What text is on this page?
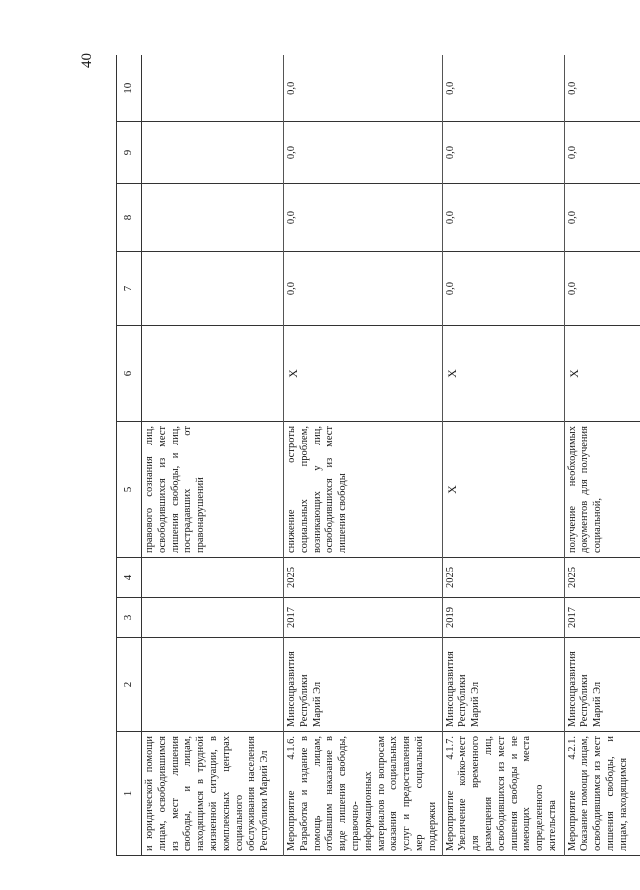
40
1	2	3	4	5	6	7	8	9	10
и юридической помощи лицам, освободившимся из мест лишения свободы, и лицам, находящимся в трудной жизненной ситуации, в комплексных центрах социального обслуживания населения Республики Марий Эл				правового сознания лиц, освободившихся из мест лишения свободы, и лиц, пострадавших от правонарушений					
Мероприятие 4.1.6. Разработка и издание в помощь лицам, отбывшим наказание в виде лишения свободы, справочно-информационных материалов по вопросам оказания социальных услуг и предоставления мер социальной поддержки	Минсоцразвития Республики Марий Эл	2017	2025	снижение остроты социальных проблем, возникающих у лиц, освободившихся из мест лишения свободы	X	0,0	0,0	0,0	0,0
Мероприятие 4.1.7. Увеличение койко-мест для временного размещения лиц, освободившихся из мест лишения свободы и не имеющих места определенного жительства	Минсоцразвития Республики Марий Эл	2019	2025	X	X	0,0	0,0	0,0	0,0
Мероприятие 4.2.1. Оказание помощи лицам, освободившимся из мест лишения свободы, и лицам, находящимся	Минсоцразвития Республики Марий Эл	2017	2025	получение необходимых документов для получения социальной,	X	0,0	0,0	0,0	0,0
